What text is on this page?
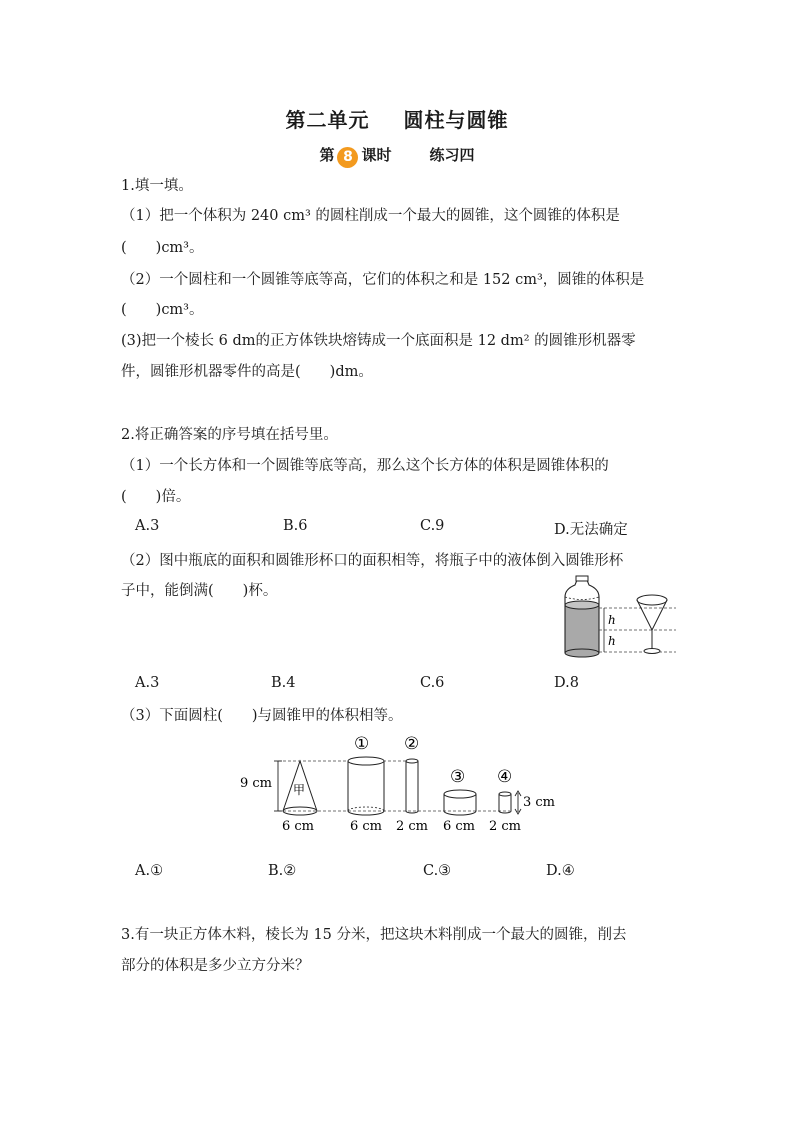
第二单元 圆柱与圆锥
第 8 课时	练习四
1.填一填。
（1）把一个体积为 240 cm³ 的圆柱削成一个最大的圆锥，这个圆锥的体积是
(　　)cm³。
（2）一个圆柱和一个圆锥等底等高，它们的体积之和是 152 cm³，圆锥的体积是
(　　)cm³。
(3)把一个棱长 6 dm的正方体铁块熔铸成一个底面积是 12 dm² 的圆锥形机器零
件，圆锥形机器零件的高是(　　)dm。
2.将正确答案的序号填在括号里。
（1）一个长方体和一个圆锥等底等高，那么这个长方体的体积是圆锥体积的
(　　)倍。
A.3	B.6	C.9	D.无法确定
（2）图中瓶底的面积和圆锥形杯口的面积相等，将瓶子中的液体倒入圆锥形杯
子中，能倒满(　　)杯。
h
h
A.3	B.4	C.6	D.8
（3）下面圆柱(　　)与圆锥甲的体积相等。
9 cm 甲
① ②
③ ④
3 cm
6 cm	6 cm 2 cm 6 cm 2 cm
A.①	B.②	C.③	D.④
3.有一块正方体木料，棱长为 15 分米，把这块木料削成一个最大的圆锥，削去
部分的体积是多少立方分米？
